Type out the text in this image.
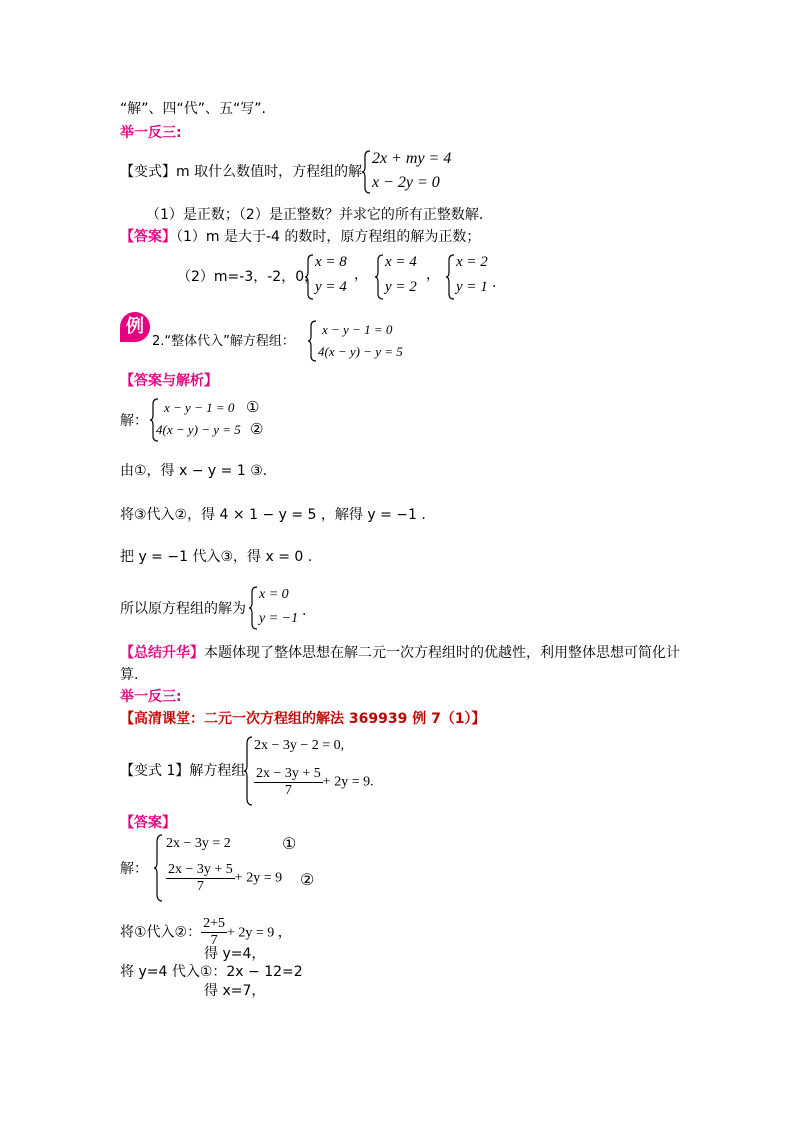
“解”、四“代”、五“写”.
举一反三:
【变式】m 取什么数值时，方程组的解
2x + my = 4
x − 2y = 0
（1）是正数；（2）是正整数？并求它的所有正整数解.
【答案】（1）m 是大于-4 的数时，原方程组的解为正数；
（2）m=-3，-2，0，
x = 8
y = 4
，
x = 4
y = 2
，
x = 2
y = 1 .
例
2.“整体代入”解方程组：
x − y − 1 = 0
4(x − y) − y = 5
【答案与解析】
解：
x − y − 1 = 0 ①
4(x − y) − y = 5 ②
由①，得 x − y = 1 ③.
将③代入②，得 4 × 1 − y = 5 ，解得 y = −1 .
把 y = −1 代入③，得 x = 0 .
所以原方程组的解为
x = 0
y = −1 .
【总结升华】本题体现了整体思想在解二元一次方程组时的优越性，利用整体思想可简化计
算.
举一反三:
【高清课堂：二元一次方程组的解法 369939 例 7（1）】
【变式 1】解方程组
2x − 3y − 2 = 0,
$\frac{2x - 3y + 5}{7} + 2y = 9$.
【答案】
解：
2x − 3y = 2	①
$\frac{2x - 3y + 5}{7} + 2y = 9$ ②
将①代入②： $\frac{2+5}{7} + 2y = 9$ ，
得 y=4，
将 y=4 代入①：2x − 12=2
得 x=7，
